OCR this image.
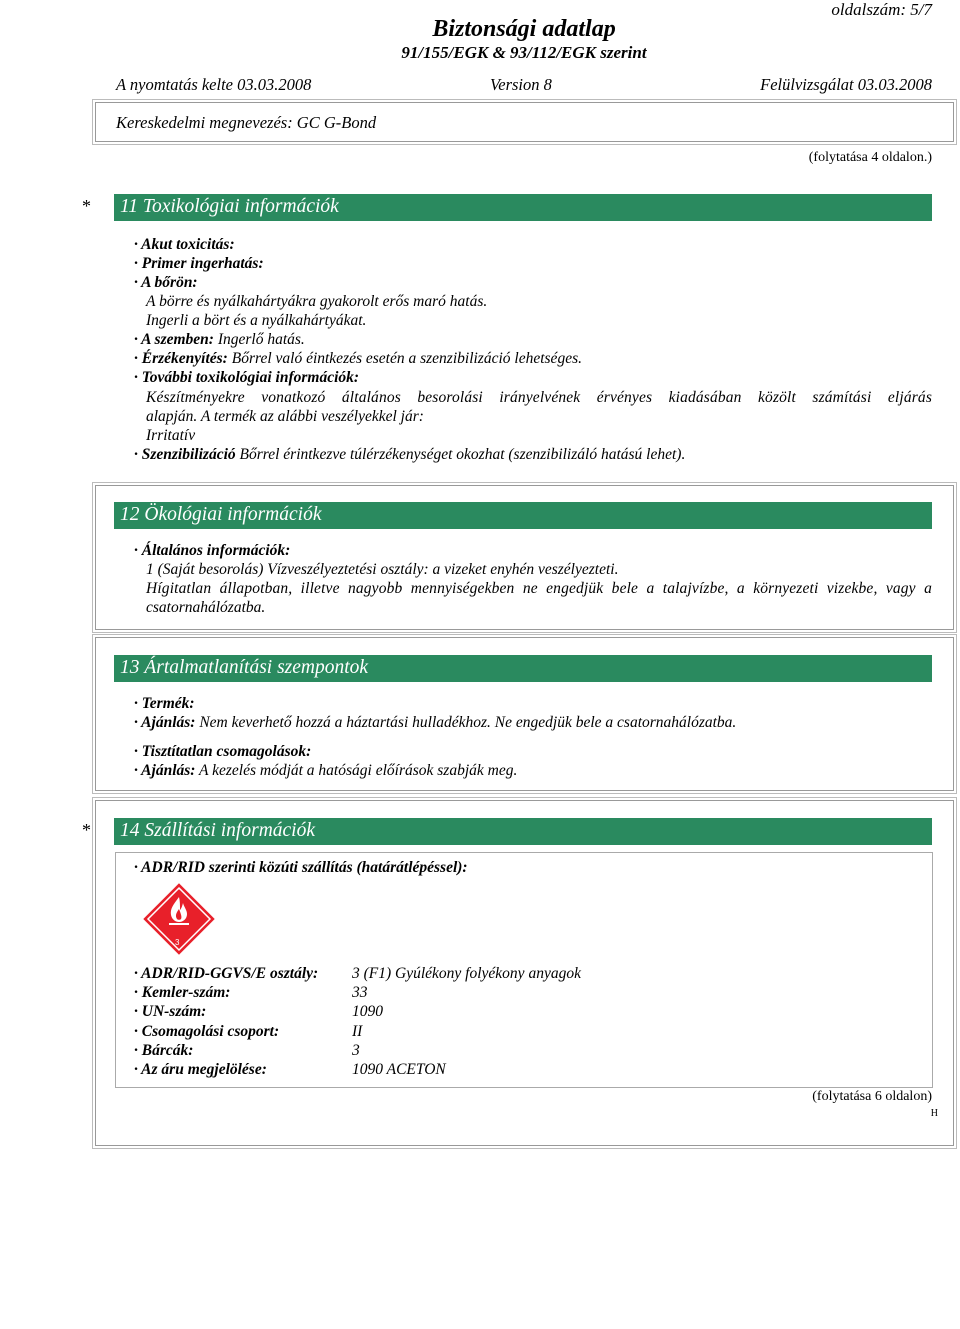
oldalszám: 5/7
Biztonsági adatlap
91/155/EGK & 93/112/EGK szerint
A nyomtatás kelte 03.03.2008	Version 8	Felülvizsgálat 03.03.2008
Kereskedelmi megnevezés: GC G-Bond
(folytatása 4 oldalon.)
* 11 Toxikológiai információk
· Akut toxicitás:
· Primer ingerhatás:
· A bőrön:
A börre és nyálkahártyákra gyakorolt erős maró hatás.
Ingerli a bört és a nyálkahártyákat.
· A szemben: Ingerlő hatás.
· Érzékenyítés: Bőrrel való éintkezés esetén a szenzibilizáció lehetséges.
· További toxikológiai információk:
Készítményekre vonatkozó általános besorolási irányelvének érvényes kiadásában közölt számítási eljárás
alapján. A termék az alábbi veszélyekkel jár:
Irritatív
· Szenzibilizáció Bőrrel érintkezve túlérzékenységet okozhat (szenzibilizáló hatású lehet).
12 Ökológiai információk
· Általános információk:
1 (Saját besorolás) Vízveszélyeztetési osztály: a vizeket enyhén veszélyezteti.
Hígitatlan állapotban, illetve nagyobb mennyiségekben ne engedjük bele a talajvízbe, a környezeti vizekbe, vagy a
csatornahálózatba.
13 Ártalmatlanítási szempontok
· Termék:
· Ajánlás: Nem keverhető hozzá a háztartási hulladékhoz. Ne engedjük bele a csatornahálózatba.
· Tisztítatlan csomagolások:
· Ajánlás: A kezelés módját a hatósági előírások szabják meg.
* 14 Szállítási információk
· ADR/RID szerinti közúti szállítás (határátlépéssel):
3
· ADR/RID-GGVS/E osztály: 3 (F1) Gyúlékony folyékony anyagok
· Kemler-szám:	33
· UN-szám:	1090
· Csomagolási csoport:	II
· Bárcák:	3
· Az áru megjelölése:	1090 ACETON
(folytatása 6 oldalon)
H
